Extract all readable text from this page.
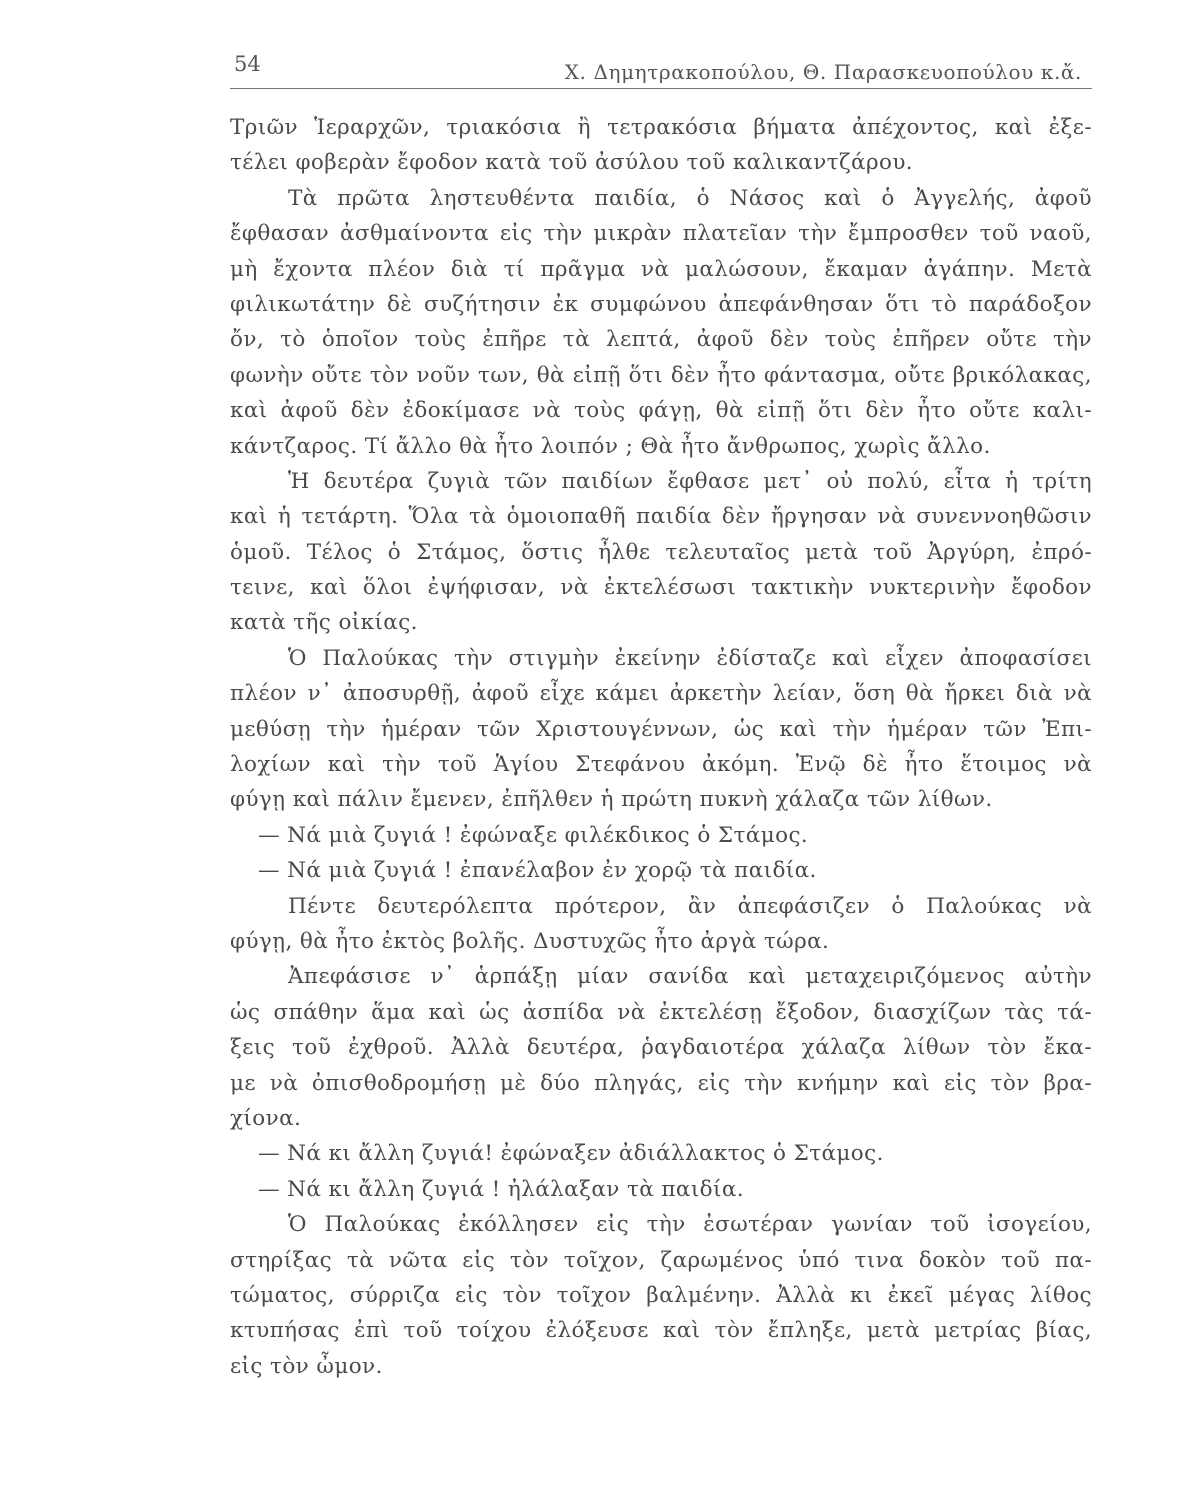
54	Χ. Δημητρακοπούλου, Θ. Παρασκευοπούλου κ.ἄ.
Τριῶν Ἱεραρχῶν, τριακόσια ἢ τετρακόσια βήματα ἀπέχοντος, καὶ ἐξε-
τέλει φοβερὰν ἔφοδον κατὰ τοῦ ἀσύλου τοῦ καλικαντζάρου.
Τὰ πρῶτα ληστευθέντα παιδία, ὁ Νάσος καὶ ὁ Ἀγγελής, ἀφοῦ
ἔφθασαν ἀσθμαίνοντα εἰς τὴν μικρὰν πλατεῖαν τὴν ἔμπροσθεν τοῦ ναοῦ,
μὴ ἔχοντα πλέον διὰ τί πρᾶγμα νὰ μαλώσουν, ἔκαμαν ἀγάπην. Μετὰ
φιλικωτάτην δὲ συζήτησιν ἐκ συμφώνου ἀπεφάνθησαν ὅτι τὸ παράδοξον
ὄν, τὸ ὁποῖον τοὺς ἐπῆρε τὰ λεπτά, ἀφοῦ δὲν τοὺς ἐπῆρεν οὔτε τὴν
φωνὴν οὔτε τὸν νοῦν των, θὰ εἰπῇ ὅτι δὲν ἦτο φάντασμα, οὔτε βρικόλακας,
καὶ ἀφοῦ δὲν ἐδοκίμασε νὰ τοὺς φάγῃ, θὰ εἰπῇ ὅτι δὲν ἦτο οὔτε καλι-
κάντζαρος. Τί ἄλλο θὰ ἦτο λοιπόν ; Θὰ ἦτο ἄνθρωπος, χωρὶς ἄλλο.
Ἡ δευτέρα ζυγιὰ τῶν παιδίων ἔφθασε μετ᾽ οὐ πολύ, εἶτα ἡ τρίτη
καὶ ἡ τετάρτη. Ὅλα τὰ ὁμοιοπαθῆ παιδία δὲν ἤργησαν νὰ συνεννοηθῶσιν
ὁμοῦ. Τέλος ὁ Στάμος, ὅστις ἦλθε τελευταῖος μετὰ τοῦ Ἀργύρη, ἐπρό-
τεινε, καὶ ὅλοι ἐψήφισαν, νὰ ἐκτελέσωσι τακτικὴν νυκτερινὴν ἔφοδον
κατὰ τῆς οἰκίας.
Ὁ Παλούκας τὴν στιγμὴν ἐκείνην ἐδίσταζε καὶ εἶχεν ἀποφασίσει
πλέον ν᾽ ἀποσυρθῇ, ἀφοῦ εἶχε κάμει ἀρκετὴν λείαν, ὅση θὰ ἤρκει διὰ νὰ
μεθύσῃ τὴν ἡμέραν τῶν Χριστουγέννων, ὡς καὶ τὴν ἡμέραν τῶν Ἐπι-
λοχίων καὶ τὴν τοῦ Ἁγίου Στεφάνου ἀκόμη. Ἐνῷ δὲ ἦτο ἕτοιμος νὰ
φύγῃ καὶ πάλιν ἔμενεν, ἐπῆλθεν ἡ πρώτη πυκνὴ χάλαζα τῶν λίθων.
— Νά μιὰ ζυγιά ! ἐφώναξε φιλέκδικος ὁ Στάμος.
— Νά μιὰ ζυγιά ! ἐπανέλαβον ἐν χορῷ τὰ παιδία.
Πέντε δευτερόλεπτα πρότερον, ἂν ἀπεφάσιζεν ὁ Παλούκας νὰ
φύγῃ, θὰ ἦτο ἐκτὸς βολῆς. Δυστυχῶς ἦτο ἀργὰ τώρα.
Ἀπεφάσισε ν᾽ ἁρπάξῃ μίαν σανίδα καὶ μεταχειριζόμενος αὐτὴν
ὡς σπάθην ἅμα καὶ ὡς ἀσπίδα νὰ ἐκτελέσῃ ἔξοδον, διασχίζων τὰς τά-
ξεις τοῦ ἐχθροῦ. Ἀλλὰ δευτέρα, ῥαγδαιοτέρα χάλαζα λίθων τὸν ἔκα-
με νὰ ὀπισθοδρομήσῃ μὲ δύο πληγάς, εἰς τὴν κνήμην καὶ εἰς τὸν βρα-
χίονα.
— Νά κι ἄλλη ζυγιά! ἐφώναξεν ἀδιάλλακτος ὁ Στάμος.
— Νά κι ἄλλη ζυγιά ! ἠλάλαξαν τὰ παιδία.
Ὁ Παλούκας ἐκόλλησεν εἰς τὴν ἐσωτέραν γωνίαν τοῦ ἰσογείου,
στηρίξας τὰ νῶτα εἰς τὸν τοῖχον, ζαρωμένος ὑπό τινα δοκὸν τοῦ πα-
τώματος, σύρριζα εἰς τὸν τοῖχον βαλμένην. Ἀλλὰ κι ἐκεῖ μέγας λίθος
κτυπήσας ἐπὶ τοῦ τοίχου ἐλόξευσε καὶ τὸν ἔπληξε, μετὰ μετρίας βίας,
εἰς τὸν ὦμον.
